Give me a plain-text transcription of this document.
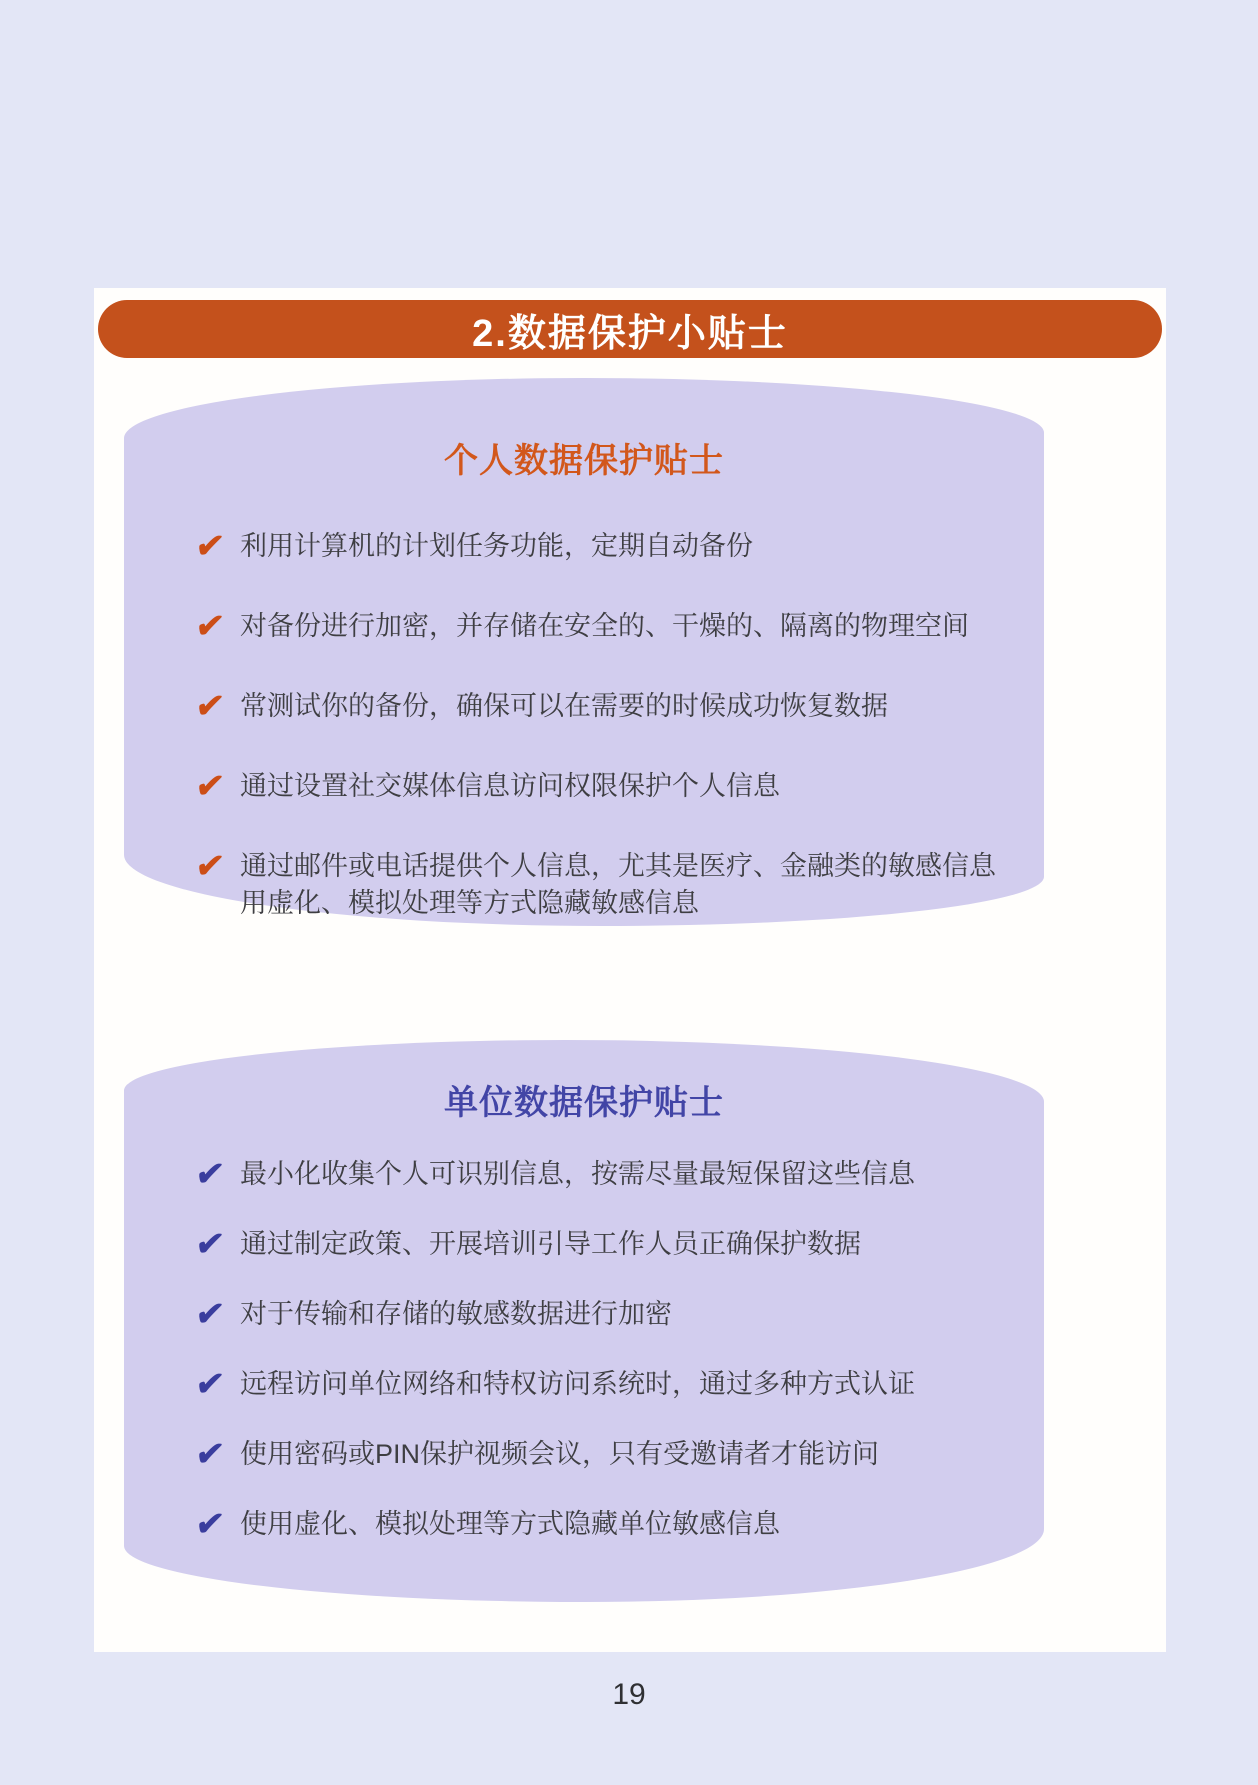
2.数据保护小贴士
个人数据保护贴士
✔ 利用计算机的计划任务功能，定期自动备份
✔ 对备份进行加密，并存储在安全的、干燥的、隔离的物理空间
✔ 常测试你的备份，确保可以在需要的时候成功恢复数据
✔ 通过设置社交媒体信息访问权限保护个人信息
✔ 通过邮件或电话提供个人信息，尤其是医疗、金融类的敏感信息用虚化、模拟处理等方式隐藏敏感信息
单位数据保护贴士
✔ 最小化收集个人可识别信息，按需尽量最短保留这些信息
✔ 通过制定政策、开展培训引导工作人员正确保护数据
✔ 对于传输和存储的敏感数据进行加密
✔ 远程访问单位网络和特权访问系统时，通过多种方式认证
✔ 使用密码或PIN保护视频会议，只有受邀请者才能访问
✔ 使用虚化、模拟处理等方式隐藏单位敏感信息
19
